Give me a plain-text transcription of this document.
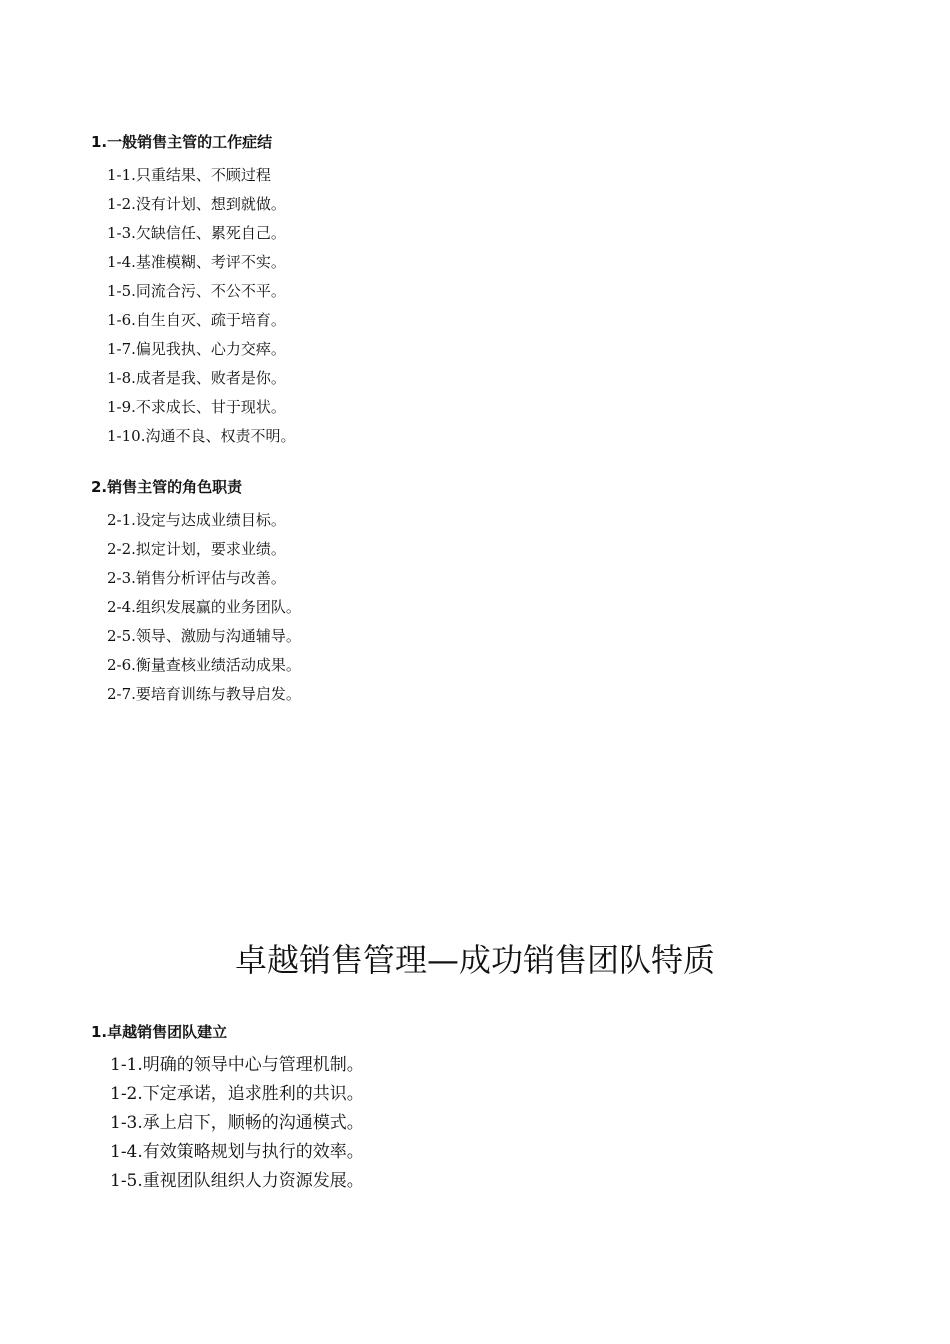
1.一般销售主管的工作症结
1-1.只重结果、不顾过程
1-2.没有计划、想到就做。
1-3.欠缺信任、累死自己。
1-4.基准模糊、考评不实。
1-5.同流合污、不公不平。
1-6.自生自灭、疏于培育。
1-7.偏见我执、心力交瘁。
1-8.成者是我、败者是你。
1-9.不求成长、甘于现状。
1-10.沟通不良、权责不明。
2.销售主管的角色职责
2-1.设定与达成业绩目标。
2-2.拟定计划，要求业绩。
2-3.销售分析评估与改善。
2-4.组织发展赢的业务团队。
2-5.领导、激励与沟通辅导。
2-6.衡量查核业绩活动成果。
2-7.要培育训练与教导启发。
卓越销售管理—成功销售团队特质
1.卓越销售团队建立
1-1.明确的领导中心与管理机制。
1-2.下定承诺，追求胜利的共识。
1-3.承上启下，顺畅的沟通模式。
1-4.有效策略规划与执行的效率。
1-5.重视团队组织人力资源发展。
